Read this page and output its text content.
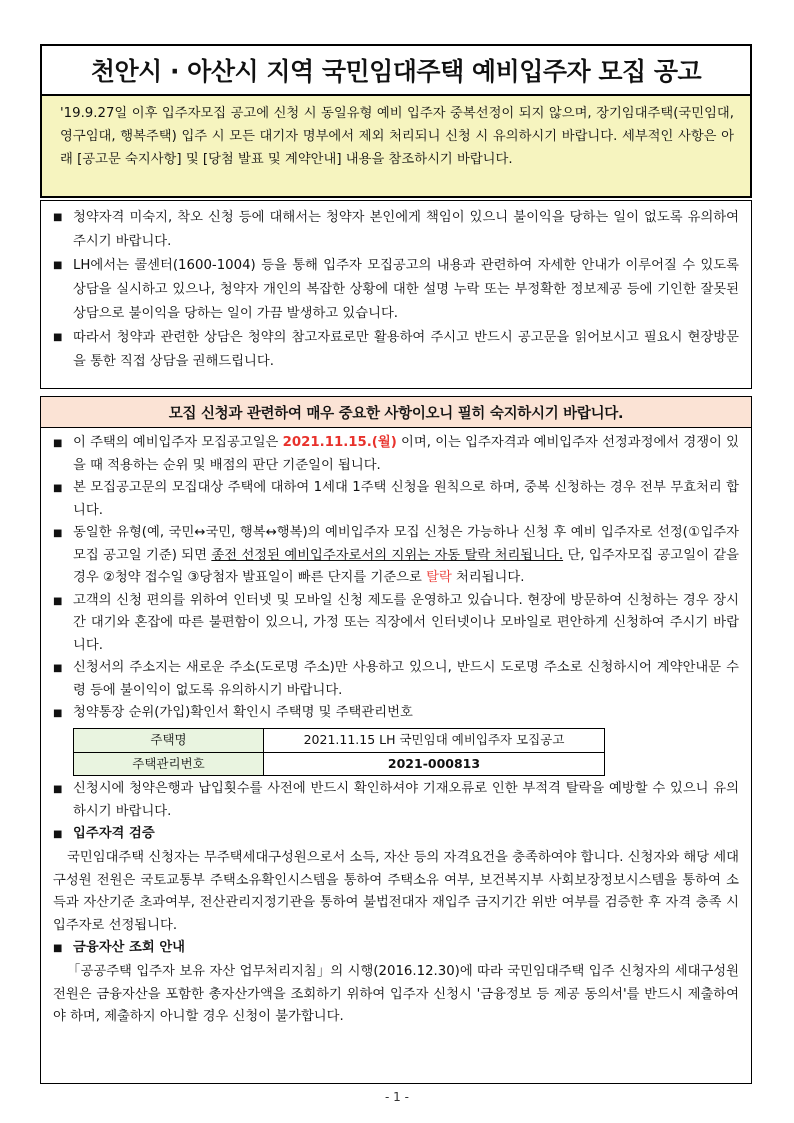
천안시 · 아산시 지역 국민임대주택 예비입주자 모집 공고

'19.9.27일 이후 입주자모집 공고에 신청 시 동일유형 예비 입주자 중복선정이 되지 않으며, 장기임대주택(국민임대, 영구임대, 행복주택) 입주 시 모든 대기자 명부에서 제외 처리되니 신청 시 유의하시기 바랍니다. 세부적인 사항은 아래 [공고문 숙지사항] 및 [당첨 발표 및 계약안내] 내용을 참조하시기 바랍니다.

■ 청약자격 미숙지, 착오 신청 등에 대해서는 청약자 본인에게 책임이 있으니 불이익을 당하는 일이 없도록 유의하여 주시기 바랍니다.
■ LH에서는 콜센터(1600-1004) 등을 통해 입주자 모집공고의 내용과 관련하여 자세한 안내가 이루어질 수 있도록 상담을 실시하고 있으나, 청약자 개인의 복잡한 상황에 대한 설명 누락 또는 부정확한 정보제공 등에 기인한 잘못된 상담으로 불이익을 당하는 일이 가끔 발생하고 있습니다.
■ 따라서 청약과 관련한 상담은 청약의 참고자료로만 활용하여 주시고 반드시 공고문을 읽어보시고 필요시 현장방문을 통한 직접 상담을 권해드립니다.
모집 신청과 관련하여 매우 중요한 사항이오니 필히 숙지하시기 바랍니다.
■ 이 주택의 예비입주자 모집공고일은 2021.11.15.(월) 이며, 이는 입주자격과 예비입주자 선정과정에서 경쟁이 있을 때 적용하는 순위 및 배점의 판단 기준일이 됩니다.
■ 본 모집공고문의 모집대상 주택에 대하여 1세대 1주택 신청을 원칙으로 하며, 중복 신청하는 경우 전부 무효처리 합니다.
■ 동일한 유형(예, 국민↔국민, 행복↔행복)의 예비입주자 모집 신청은 가능하나 신청 후 예비 입주자로 선정(①입주자모집 공고일 기준) 되면 종전 선정된 예비입주자로서의 지위는 자동 탈락 처리됩니다. 단, 입주자모집 공고일이 같을 경우 ②청약 접수일 ③당첨자 발표일이 빠른 단지를 기준으로 탈락 처리됩니다.
■ 고객의 신청 편의를 위하여 인터넷 및 모바일 신청 제도를 운영하고 있습니다. 현장에 방문하여 신청하는 경우 장시간 대기와 혼잡에 따른 불편함이 있으니, 가정 또는 직장에서 인터넷이나 모바일로 편안하게 신청하여 주시기 바랍니다.
■ 신청서의 주소지는 새로운 주소(도로명 주소)만 사용하고 있으니, 반드시 도로명 주소로 신청하시어 계약안내문 수령 등에 불이익이 없도록 유의하시기 바랍니다.
■ 청약통장 순위(가입)확인서 확인시 주택명 및 주택관리번호
주택명	2021.11.15 LH 국민임대 예비입주자 모집공고
주택관리번호	2021-000813
■ 신청시에 청약은행과 납입횟수를 사전에 반드시 확인하셔야 기재오류로 인한 부적격 탈락을 예방할 수 있으니 유의하시기 바랍니다.
■ 입주자격 검증
국민임대주택 신청자는 무주택세대구성원으로서 소득, 자산 등의 자격요건을 충족하여야 합니다. 신청자와 해당 세대구성원 전원은 국토교통부 주택소유확인시스템을 통하여 주택소유 여부, 보건복지부 사회보장정보시스템을 통하여 소득과 자산기준 초과여부, 전산관리지정기관을 통하여 불법전대자 재입주 금지기간 위반 여부를 검증한 후 자격 충족 시 입주자로 선정됩니다.
■ 금융자산 조회 안내
「공공주택 입주자 보유 자산 업무처리지침」의 시행(2016.12.30)에 따라 국민임대주택 입주 신청자의 세대구성원 전원은 금융자산을 포함한 총자산가액을 조회하기 위하여 입주자 신청시 '금융정보 등 제공 동의서'를 반드시 제출하여야 하며, 제출하지 아니할 경우 신청이 불가합니다.
- 1 -
